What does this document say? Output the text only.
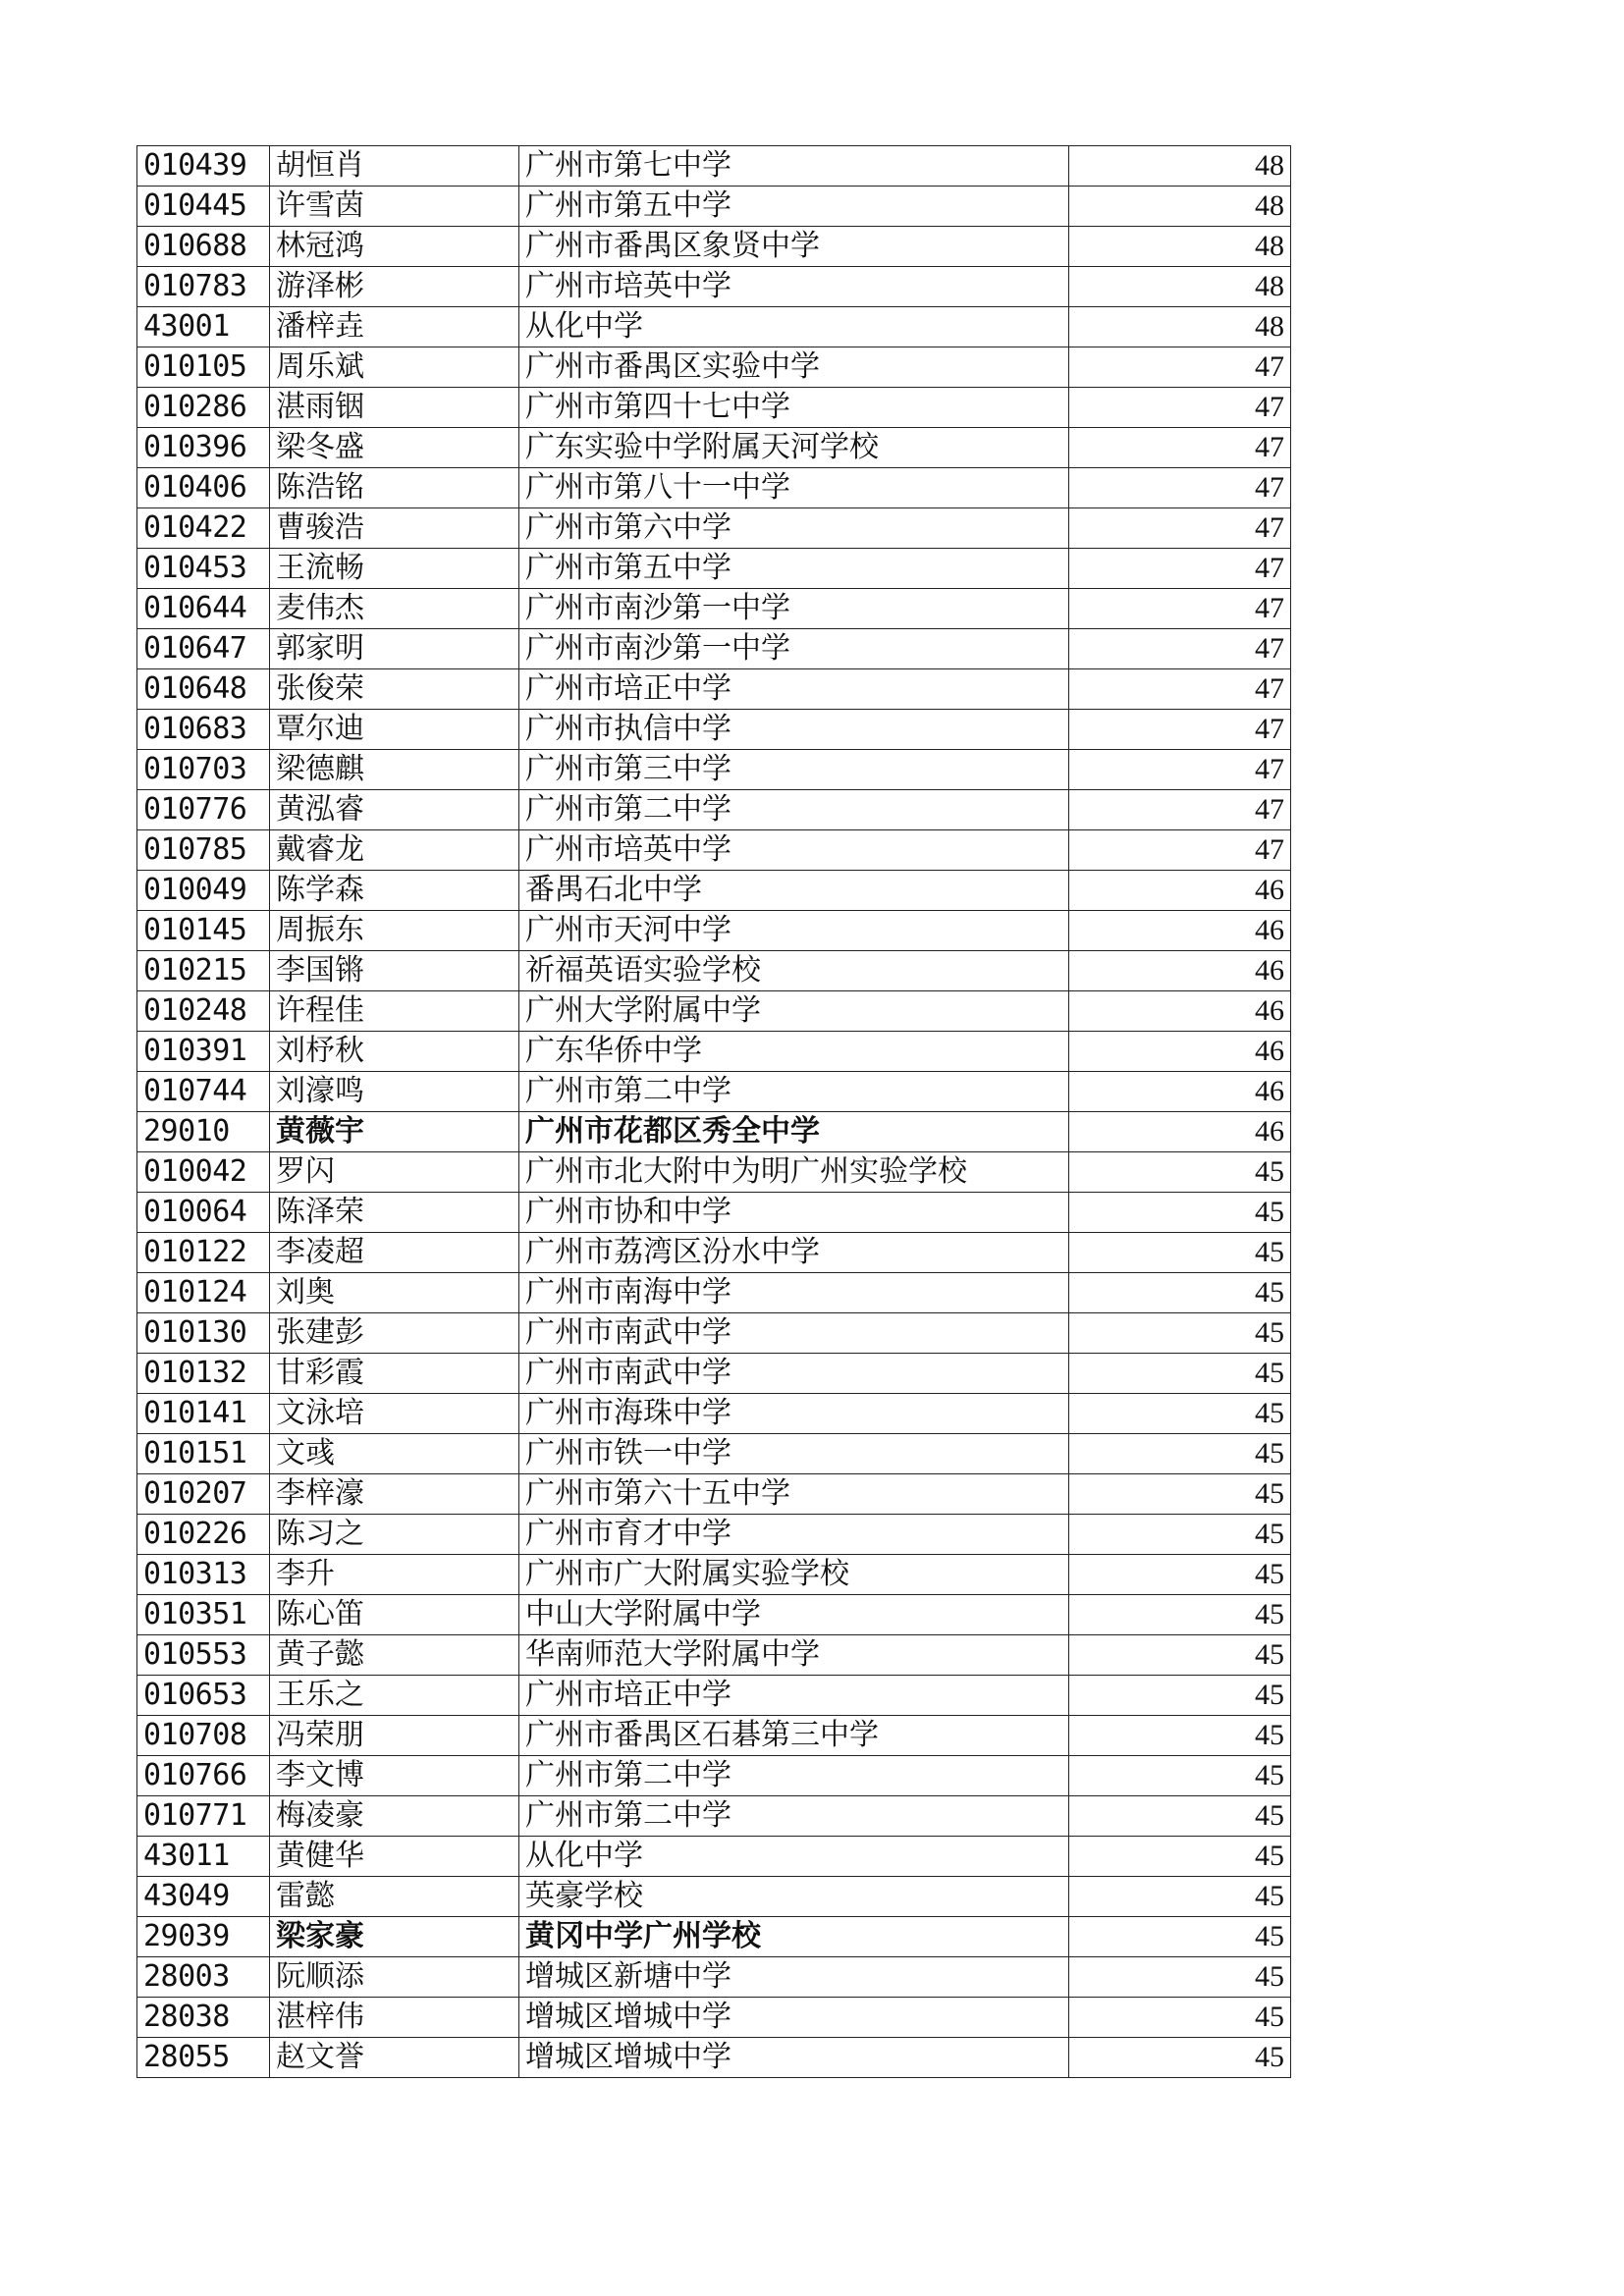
010439	胡恒肖	广州市第七中学	48
010445	许雪茵	广州市第五中学	48
010688	林冠鸿	广州市番禺区象贤中学	48
010783	游泽彬	广州市培英中学	48
43001	潘梓垚	从化中学	48
010105	周乐斌	广州市番禺区实验中学	47
010286	湛雨铟	广州市第四十七中学	47
010396	梁冬盛	广东实验中学附属天河学校	47
010406	陈浩铭	广州市第八十一中学	47
010422	曹骏浩	广州市第六中学	47
010453	王流畅	广州市第五中学	47
010644	麦伟杰	广州市南沙第一中学	47
010647	郭家明	广州市南沙第一中学	47
010648	张俊荣	广州市培正中学	47
010683	覃尔迪	广州市执信中学	47
010703	梁德麒	广州市第三中学	47
010776	黄泓睿	广州市第二中学	47
010785	戴睿龙	广州市培英中学	47
010049	陈学森	番禺石北中学	46
010145	周振东	广州市天河中学	46
010215	李国锵	祈福英语实验学校	46
010248	许程佳	广州大学附属中学	46
010391	刘杼秋	广东华侨中学	46
010744	刘濠鸣	广州市第二中学	46
29010	黄薇宇	广州市花都区秀全中学	46
010042	罗闪	广州市北大附中为明广州实验学校	45
010064	陈泽荣	广州市协和中学	45
010122	李凌超	广州市荔湾区汾水中学	45
010124	刘奥	广州市南海中学	45
010130	张建彭	广州市南武中学	45
010132	甘彩霞	广州市南武中学	45
010141	文泳培	广州市海珠中学	45
010151	文彧	广州市铁一中学	45
010207	李梓濠	广州市第六十五中学	45
010226	陈习之	广州市育才中学	45
010313	李升	广州市广大附属实验学校	45
010351	陈心笛	中山大学附属中学	45
010553	黄子懿	华南师范大学附属中学	45
010653	王乐之	广州市培正中学	45
010708	冯荣朋	广州市番禺区石碁第三中学	45
010766	李文博	广州市第二中学	45
010771	梅凌豪	广州市第二中学	45
43011	黄健华	从化中学	45
43049	雷懿	英豪学校	45
29039	梁家豪	黄冈中学广州学校	45
28003	阮顺添	增城区新塘中学	45
28038	湛梓伟	增城区增城中学	45
28055	赵文誉	增城区增城中学	45
